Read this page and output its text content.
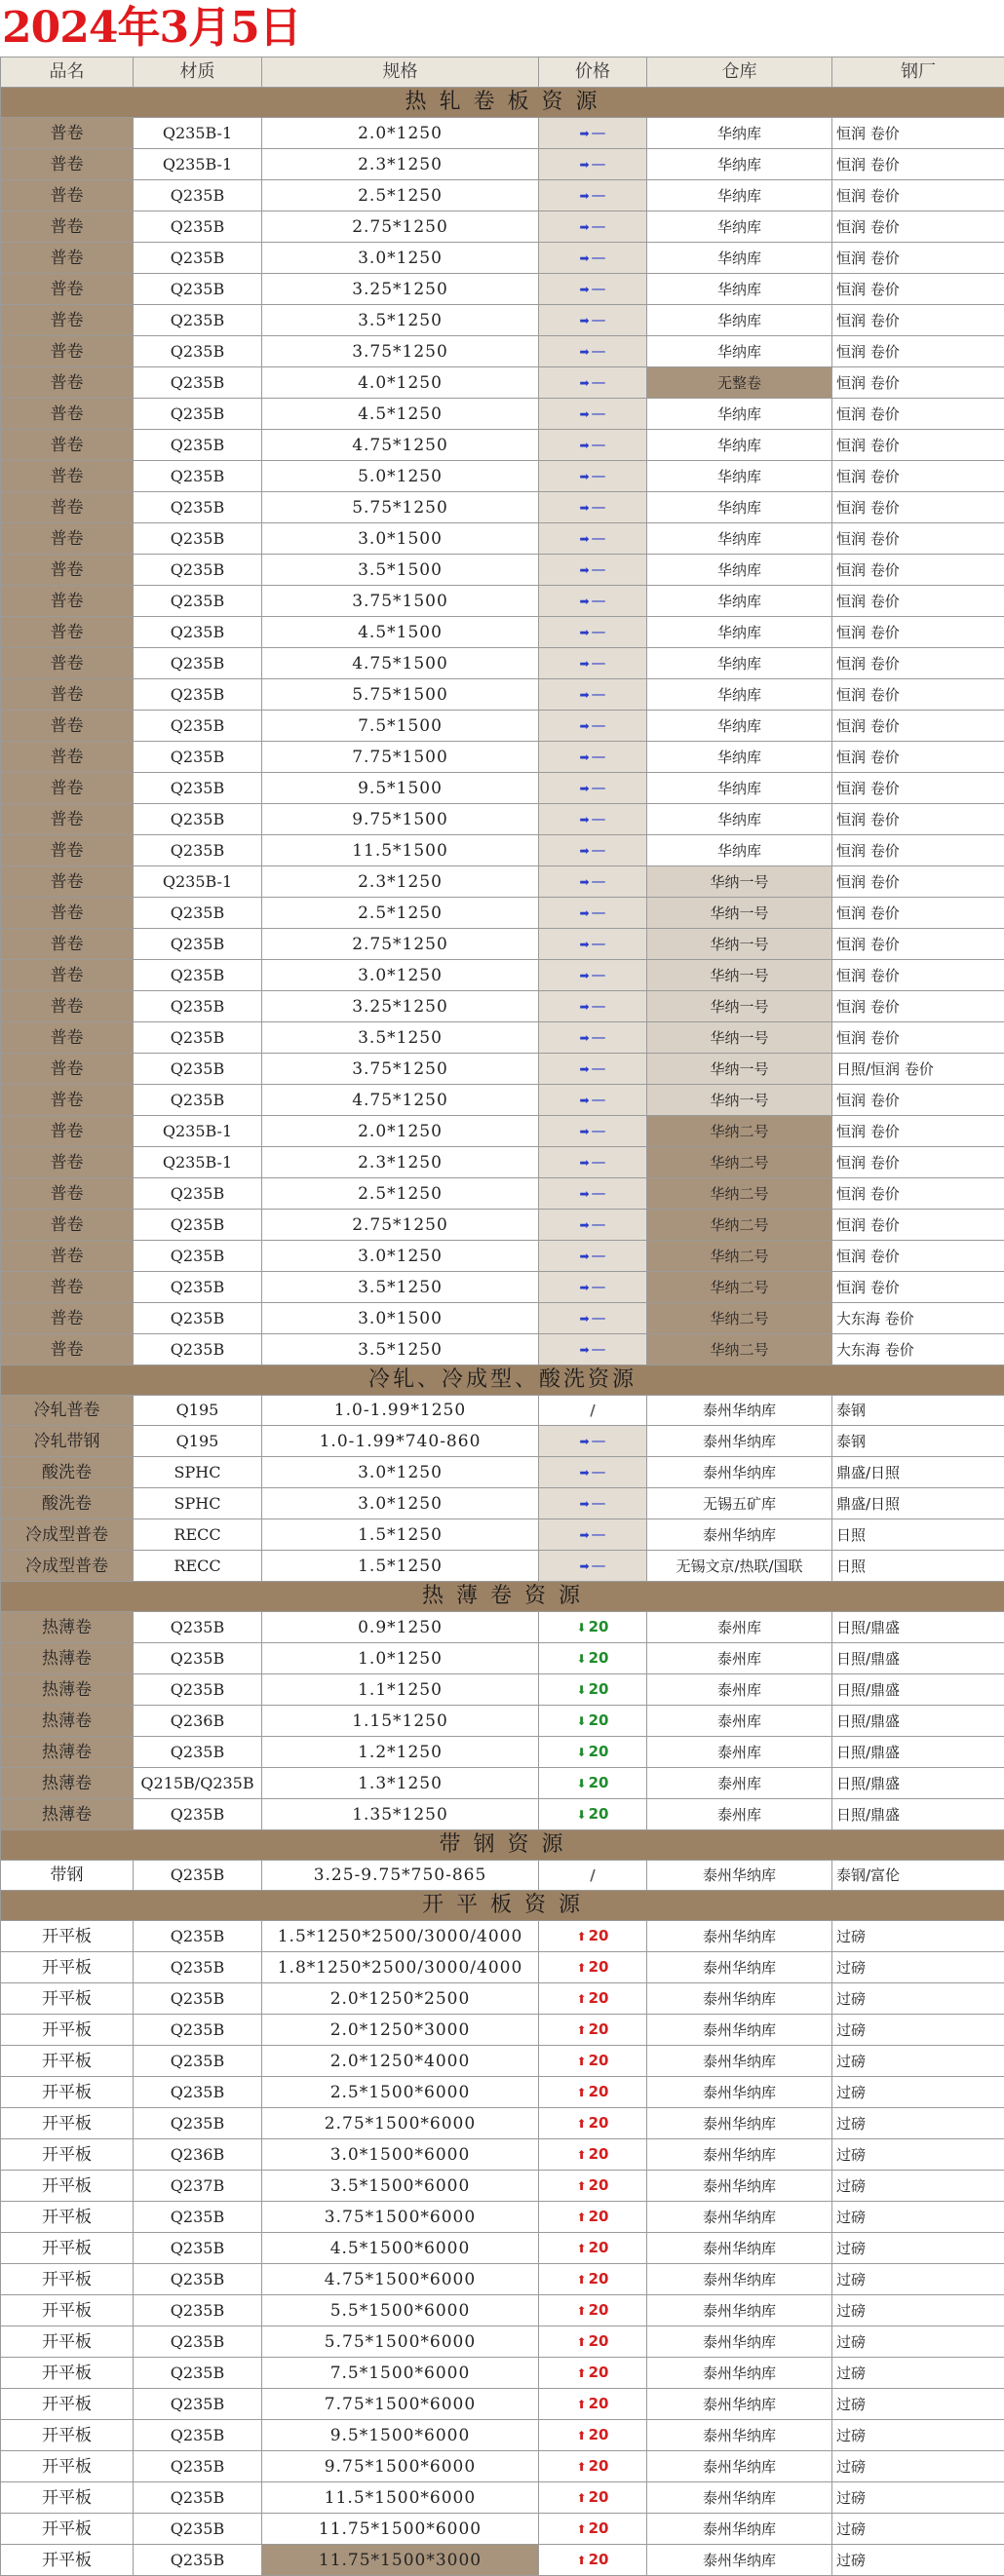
2024年3月5日
品名	材质	规格	价格	仓库	钢厂
热 轧 卷 板 资 源					
普卷	Q235B-1	2.0*1250	➡ —	华纳库	恒润 卷价
普卷	Q235B-1	2.3*1250	➡ —	华纳库	恒润 卷价
普卷	Q235B	2.5*1250	➡ —	华纳库	恒润 卷价
普卷	Q235B	2.75*1250	➡ —	华纳库	恒润 卷价
普卷	Q235B	3.0*1250	➡ —	华纳库	恒润 卷价
普卷	Q235B	3.25*1250	➡ —	华纳库	恒润 卷价
普卷	Q235B	3.5*1250	➡ —	华纳库	恒润 卷价
普卷	Q235B	3.75*1250	➡ —	华纳库	恒润 卷价
普卷	Q235B	4.0*1250	➡ —	无整卷	恒润 卷价
普卷	Q235B	4.5*1250	➡ —	华纳库	恒润 卷价
普卷	Q235B	4.75*1250	➡ —	华纳库	恒润 卷价
普卷	Q235B	5.0*1250	➡ —	华纳库	恒润 卷价
普卷	Q235B	5.75*1250	➡ —	华纳库	恒润 卷价
普卷	Q235B	3.0*1500	➡ —	华纳库	恒润 卷价
普卷	Q235B	3.5*1500	➡ —	华纳库	恒润 卷价
普卷	Q235B	3.75*1500	➡ —	华纳库	恒润 卷价
普卷	Q235B	4.5*1500	➡ —	华纳库	恒润 卷价
普卷	Q235B	4.75*1500	➡ —	华纳库	恒润 卷价
普卷	Q235B	5.75*1500	➡ —	华纳库	恒润 卷价
普卷	Q235B	7.5*1500	➡ —	华纳库	恒润 卷价
普卷	Q235B	7.75*1500	➡ —	华纳库	恒润 卷价
普卷	Q235B	9.5*1500	➡ —	华纳库	恒润 卷价
普卷	Q235B	9.75*1500	➡ —	华纳库	恒润 卷价
普卷	Q235B	11.5*1500	➡ —	华纳库	恒润 卷价
普卷	Q235B-1	2.3*1250	➡ —	华纳一号	恒润 卷价
普卷	Q235B	2.5*1250	➡ —	华纳一号	恒润 卷价
普卷	Q235B	2.75*1250	➡ —	华纳一号	恒润 卷价
普卷	Q235B	3.0*1250	➡ —	华纳一号	恒润 卷价
普卷	Q235B	3.25*1250	➡ —	华纳一号	恒润 卷价
普卷	Q235B	3.5*1250	➡ —	华纳一号	恒润 卷价
普卷	Q235B	3.75*1250	➡ —	华纳一号	日照/恒润 卷价
普卷	Q235B	4.75*1250	➡ —	华纳一号	恒润 卷价
普卷	Q235B-1	2.0*1250	➡ —	华纳二号	恒润 卷价
普卷	Q235B-1	2.3*1250	➡ —	华纳二号	恒润 卷价
普卷	Q235B	2.5*1250	➡ —	华纳二号	恒润 卷价
普卷	Q235B	2.75*1250	➡ —	华纳二号	恒润 卷价
普卷	Q235B	3.0*1250	➡ —	华纳二号	恒润 卷价
普卷	Q235B	3.5*1250	➡ —	华纳二号	恒润 卷价
普卷	Q235B	3.0*1500	➡ —	华纳二号	大东海 卷价
普卷	Q235B	3.5*1250	➡ —	华纳二号	大东海 卷价
冷轧、冷成型、酸洗资源					
冷轧普卷	Q195	1.0-1.99*1250	/	泰州华纳库	泰钢
冷轧带钢	Q195	1.0-1.99*740-860	➡ —	泰州华纳库	泰钢
酸洗卷	SPHC	3.0*1250	➡ —	泰州华纳库	鼎盛/日照
酸洗卷	SPHC	3.0*1250	➡ —	无锡五矿库	鼎盛/日照
冷成型普卷	RECC	1.5*1250	➡ —	泰州华纳库	日照
冷成型普卷	RECC	1.5*1250	➡ —	无锡文京/热联/国联	日照
热 薄 卷 资 源					
热薄卷	Q235B	0.9*1250	⬇ 20	泰州库	日照/鼎盛
热薄卷	Q235B	1.0*1250	⬇ 20	泰州库	日照/鼎盛
热薄卷	Q235B	1.1*1250	⬇ 20	泰州库	日照/鼎盛
热薄卷	Q236B	1.15*1250	⬇ 20	泰州库	日照/鼎盛
热薄卷	Q235B	1.2*1250	⬇ 20	泰州库	日照/鼎盛
热薄卷	Q215B/Q235B	1.3*1250	⬇ 20	泰州库	日照/鼎盛
热薄卷	Q235B	1.35*1250	⬇ 20	泰州库	日照/鼎盛
带 钢 资 源					
带钢	Q235B	3.25-9.75*750-865	/	泰州华纳库	泰钢/富伦
开 平 板 资 源					
开平板	Q235B	1.5*1250*2500/3000/4000	⬆ 20	泰州华纳库	过磅
开平板	Q235B	1.8*1250*2500/3000/4000	⬆ 20	泰州华纳库	过磅
开平板	Q235B	2.0*1250*2500	⬆ 20	泰州华纳库	过磅
开平板	Q235B	2.0*1250*3000	⬆ 20	泰州华纳库	过磅
开平板	Q235B	2.0*1250*4000	⬆ 20	泰州华纳库	过磅
开平板	Q235B	2.5*1500*6000	⬆ 20	泰州华纳库	过磅
开平板	Q235B	2.75*1500*6000	⬆ 20	泰州华纳库	过磅
开平板	Q236B	3.0*1500*6000	⬆ 20	泰州华纳库	过磅
开平板	Q237B	3.5*1500*6000	⬆ 20	泰州华纳库	过磅
开平板	Q235B	3.75*1500*6000	⬆ 20	泰州华纳库	过磅
开平板	Q235B	4.5*1500*6000	⬆ 20	泰州华纳库	过磅
开平板	Q235B	4.75*1500*6000	⬆ 20	泰州华纳库	过磅
开平板	Q235B	5.5*1500*6000	⬆ 20	泰州华纳库	过磅
开平板	Q235B	5.75*1500*6000	⬆ 20	泰州华纳库	过磅
开平板	Q235B	7.5*1500*6000	⬆ 20	泰州华纳库	过磅
开平板	Q235B	7.75*1500*6000	⬆ 20	泰州华纳库	过磅
开平板	Q235B	9.5*1500*6000	⬆ 20	泰州华纳库	过磅
开平板	Q235B	9.75*1500*6000	⬆ 20	泰州华纳库	过磅
开平板	Q235B	11.5*1500*6000	⬆ 20	泰州华纳库	过磅
开平板	Q235B	11.75*1500*6000	⬆ 20	泰州华纳库	过磅
开平板	Q235B	11.75*1500*3000	⬆ 20	泰州华纳库	过磅
